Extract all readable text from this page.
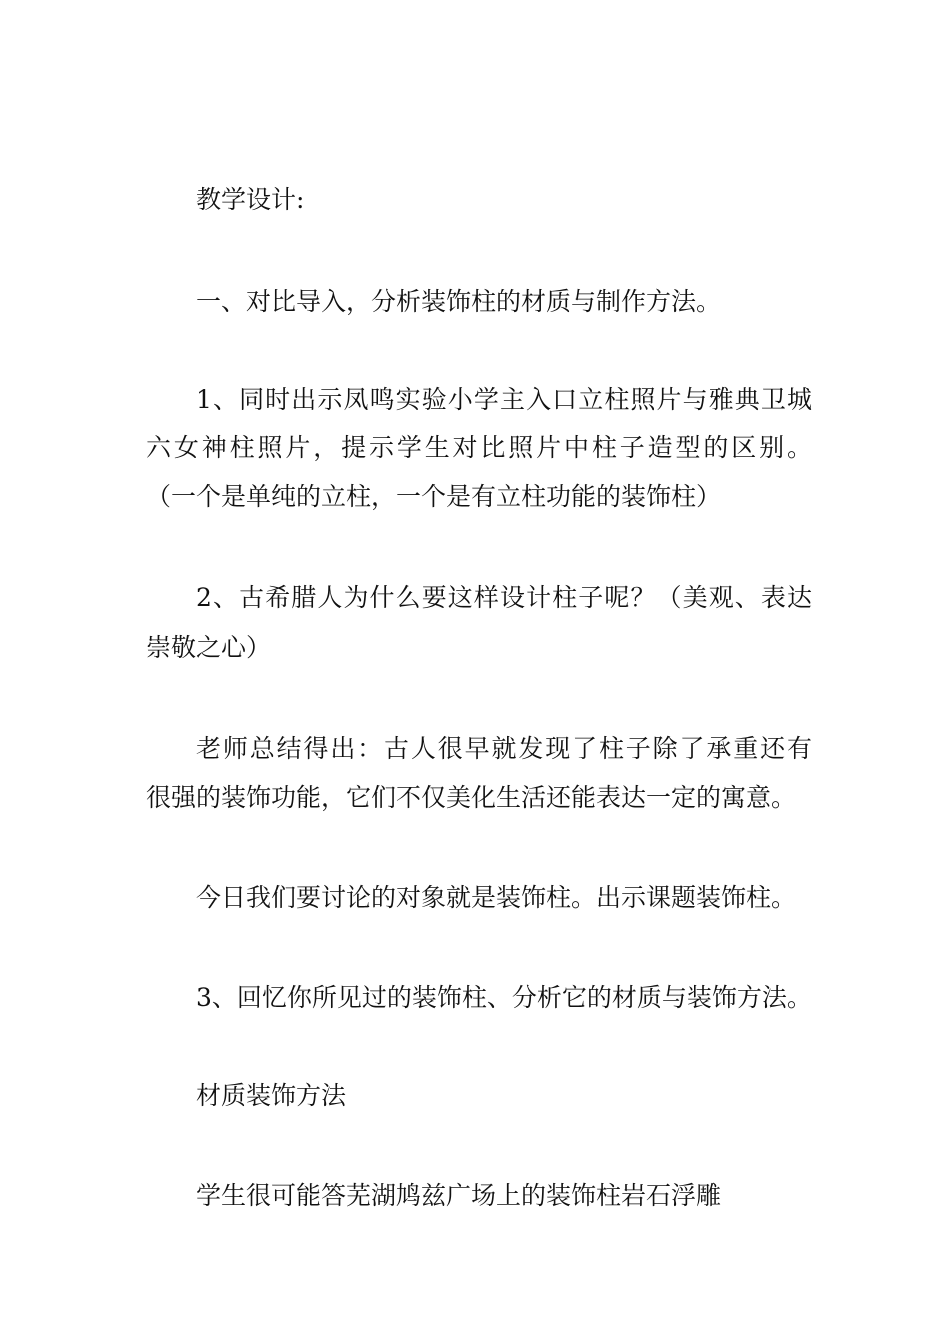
教学设计:
一、对比导入，分析装饰柱的材质与制作方法。
1、同时出示凤鸣实验小学主入口立柱照片与雅典卫城
六女神柱照片，提示学生对比照片中柱子造型的区别。
（一个是单纯的立柱，一个是有立柱功能的装饰柱）
2、古希腊人为什么要这样设计柱子呢？（美观、表达
崇敬之心）
老师总结得出：古人很早就发现了柱子除了承重还有
很强的装饰功能，它们不仅美化生活还能表达一定的寓意。
今日我们要讨论的对象就是装饰柱。出示课题装饰柱。
3、回忆你所见过的装饰柱、分析它的材质与装饰方法。
材质装饰方法
学生很可能答芜湖鸠兹广场上的装饰柱岩石浮雕
